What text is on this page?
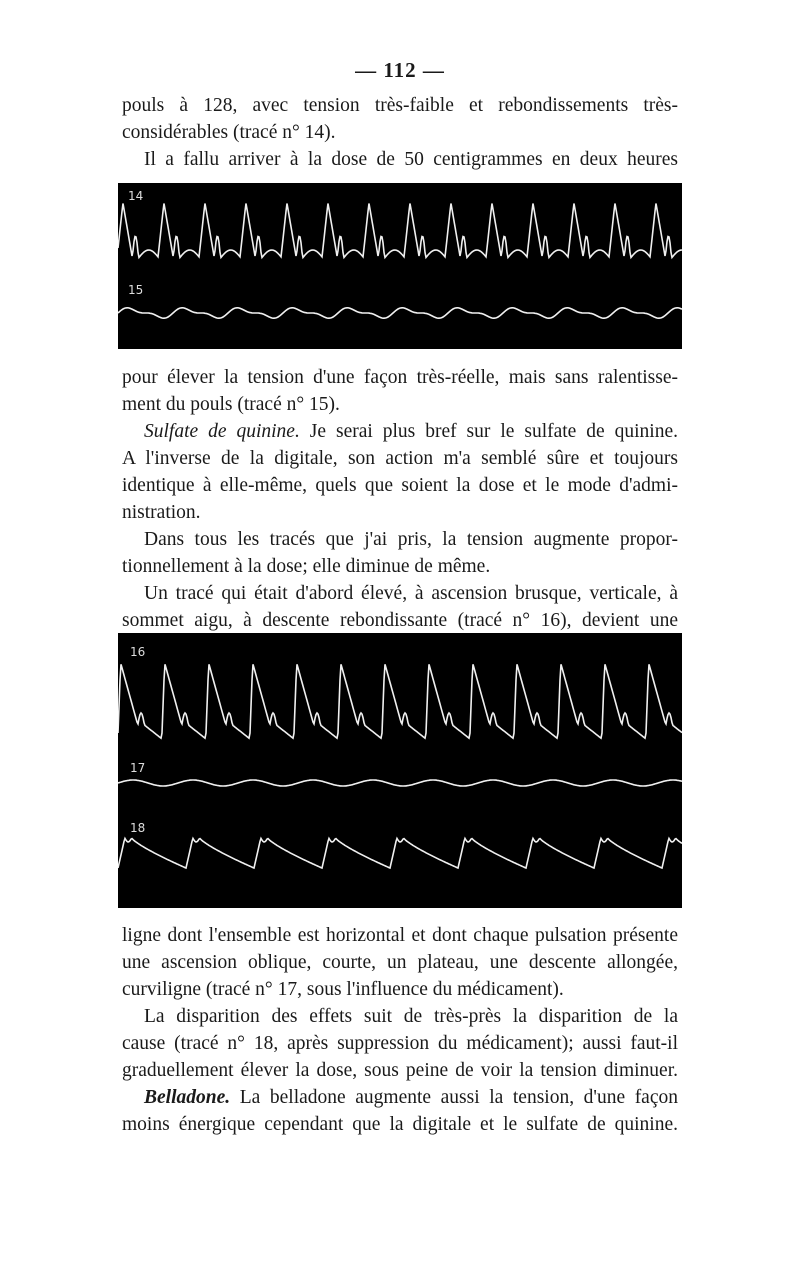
— 112 —
pouls à 128, avec tension très-faible et rebondissements très-
considérables (tracé n° 14).
Il a fallu arriver à la dose de 50 centigrammes en deux heures
14
15
pour élever la tension d'une façon très-réelle, mais sans ralentisse-
ment du pouls (tracé n° 15).
Sulfate de quinine. Je serai plus bref sur le sulfate de quinine.
A l'inverse de la digitale, son action m'a semblé sûre et toujours
identique à elle-même, quels que soient la dose et le mode d'admi-
nistration.
Dans tous les tracés que j'ai pris, la tension augmente propor-
tionnellement à la dose; elle diminue de même.
Un tracé qui était d'abord élevé, à ascension brusque, verticale, à
sommet aigu, à descente rebondissante (tracé n° 16), devient une
16
17
18
ligne dont l'ensemble est horizontal et dont chaque pulsation présente
une ascension oblique, courte, un plateau, une descente allongée,
curviligne (tracé n° 17, sous l'influence du médicament).
La disparition des effets suit de très-près la disparition de la
cause (tracé n° 18, après suppression du médicament); aussi faut-il
graduellement élever la dose, sous peine de voir la tension diminuer.
Belladone. La belladone augmente aussi la tension, d'une façon
moins énergique cependant que la digitale et le sulfate de quinine.
